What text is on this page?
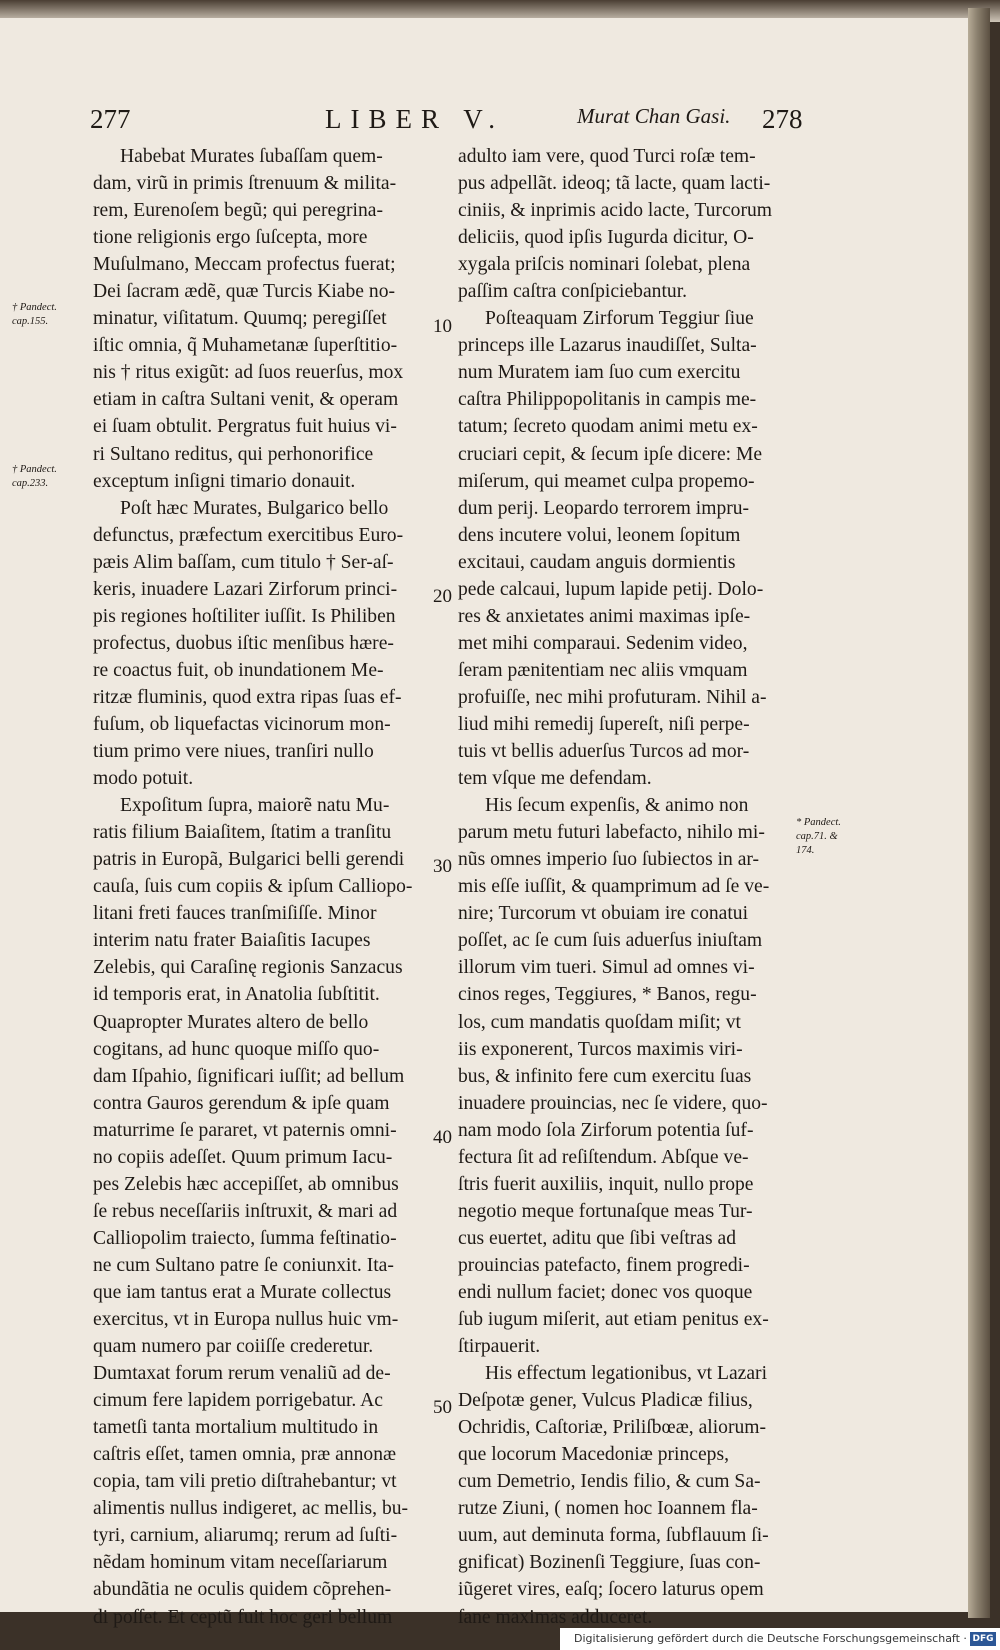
277	LIBER V.	Murat Chan Gasi. 278
Habebat Murates ſubaſſam quem-
dam, virũ in primis ſtrenuum & milita-
rem, Eurenoſem begũ; qui peregrina-
tione religionis ergo ſuſcepta, more
Muſulmano, Meccam profectus fuerat;
Dei ſacram ædẽ, quæ Turcis Kiabe no-
minatur, viſitatum. Quumq; peregiſſet
iſtic omnia, q̃ Muhametanæ ſuperſtitio-
nis † ritus exigũt: ad ſuos reuerſus, mox
etiam in caſtra Sultani venit, & operam
ei ſuam obtulit. Pergratus fuit huius vi-
ri Sultano reditus, qui perhonorifice
exceptum inſigni timario donauit.
Poſt hæc Murates, Bulgarico bello
defunctus, præfectum exercitibus Euro-
pæis Alim baſſam, cum titulo † Ser-aſ-
keris, inuadere Lazari Zirforum princi-
pis regiones hoſtiliter iuſſit. Is Philiben
profectus, duobus iſtic menſibus hære-
re coactus fuit, ob inundationem Me-
ritzæ fluminis, quod extra ripas ſuas ef-
fuſum, ob liquefactas vicinorum mon-
tium primo vere niues, tranſiri nullo
modo potuit.
Expoſitum ſupra, maiorẽ natu Mu-
ratis filium Baiaſitem, ſtatim a tranſitu
patris in Europã, Bulgarici belli gerendi
cauſa, ſuis cum copiis & ipſum Calliopo-
litani freti fauces tranſmiſiſſe. Minor
interim natu frater Baiaſitis Iacupes
Zelebis, qui Caraſinę regionis Sanzacus
id temporis erat, in Anatolia ſubſtitit.
Quapropter Murates altero de bello
cogitans, ad hunc quoque miſſo quo-
dam Iſpahio, ſignificari iuſſit; ad bellum
contra Gauros gerendum & ipſe quam
maturrime ſe pararet, vt paternis omni-
no copiis adeſſet. Quum primum Iacu-
pes Zelebis hæc accepiſſet, ab omnibus
ſe rebus neceſſariis inſtruxit, & mari ad
Calliopolim traiecto, ſumma feſtinatio-
ne cum Sultano patre ſe coniunxit. Ita-
que iam tantus erat a Murate collectus
exercitus, vt in Europa nullus huic vm-
quam numero par coiiſſe crederetur.
Dumtaxat forum rerum venaliũ ad de-
cimum fere lapidem porrigebatur. Ac
tametſi tanta mortalium multitudo in
caſtris eſſet, tamen omnia, præ annonæ
copia, tam vili pretio diſtrahebantur; vt
alimentis nullus indigeret, ac mellis, bu-
tyri, carnium, aliarumq; rerum ad ſuſti-
nẽdam hominum vitam neceſſariarum
abundãtia ne oculis quidem cõprehen-
di poſſet. Et ceptũ fuit hoc geri bellum
adulto iam vere, quod Turci roſæ tem-
pus adpellãt. ideoq; tã lacte, quam lacti-
ciniis, & inprimis acido lacte, Turcorum
deliciis, quod ipſis Iugurda dicitur, O-
xygala priſcis nominari ſolebat, plena
paſſim caſtra conſpiciebantur.
Poſteaquam Zirforum Teggiur ſiue
princeps ille Lazarus inaudiſſet, Sulta-
num Muratem iam ſuo cum exercitu
caſtra Philippopolitanis in campis me-
tatum; ſecreto quodam animi metu ex-
cruciari cepit, & ſecum ipſe dicere: Me
miſerum, qui meamet culpa propemo-
dum perij. Leopardo terrorem impru-
dens incutere volui, leonem ſopitum
excitaui, caudam anguis dormientis
pede calcaui, lupum lapide petij. Dolo-
res & anxietates animi maximas ipſe-
met mihi comparaui. Sedenim video,
ſeram pænitentiam nec aliis vmquam
profuiſſe, nec mihi profuturam. Nihil a-
liud mihi remedij ſupereſt, niſi perpe-
tuis vt bellis aduerſus Turcos ad mor-
tem vſque me defendam.
His ſecum expenſis, & animo non
parum metu futuri labefacto, nihilo mi-
nũs omnes imperio ſuo ſubiectos in ar-
mis eſſe iuſſit, & quamprimum ad ſe ve-
nire; Turcorum vt obuiam ire conatui
poſſet, ac ſe cum ſuis aduerſus iniuſtam
illorum vim tueri. Simul ad omnes vi-
cinos reges, Teggiures, * Banos, regu-
los, cum mandatis quoſdam miſit; vt
iis exponerent, Turcos maximis viri-
bus, & infinito fere cum exercitu ſuas
inuadere prouincias, nec ſe videre, quo-
nam modo ſola Zirforum potentia ſuf-
fectura ſit ad reſiſtendum. Abſque ve-
ſtris fuerit auxiliis, inquit, nullo prope
negotio meque fortunaſque meas Tur-
cus euertet, aditu que ſibi veſtras ad
prouincias patefacto, finem progredi-
endi nullum faciet; donec vos quoque
ſub iugum miſerit, aut etiam penitus ex-
ſtirpauerit.
His effectum legationibus, vt Lazari
Deſpotæ gener, Vulcus Pladicæ filius,
Ochridis, Caſtoriæ, Priliſbœæ, aliorum-
que locorum Macedoniæ princeps,
cum Demetrio, Iendis filio, & cum Sa-
rutze Ziuni, ( nomen hoc Ioannem fla-
uum, aut deminuta forma, ſubflauum ſi-
gnificat) Bozinenſi Teggiure, ſuas con-
iũgeret vires, eaſq; ſocero laturus opem
ſane maximas adduceret.
† Pandect.
cap.155.
† Pandect.
cap.233.
* Pandect.
cap.71. &
174.
10
20
30
40
50
Digitalisierung gefördert durch die Deutsche Forschungsgemeinschaft · DFG
